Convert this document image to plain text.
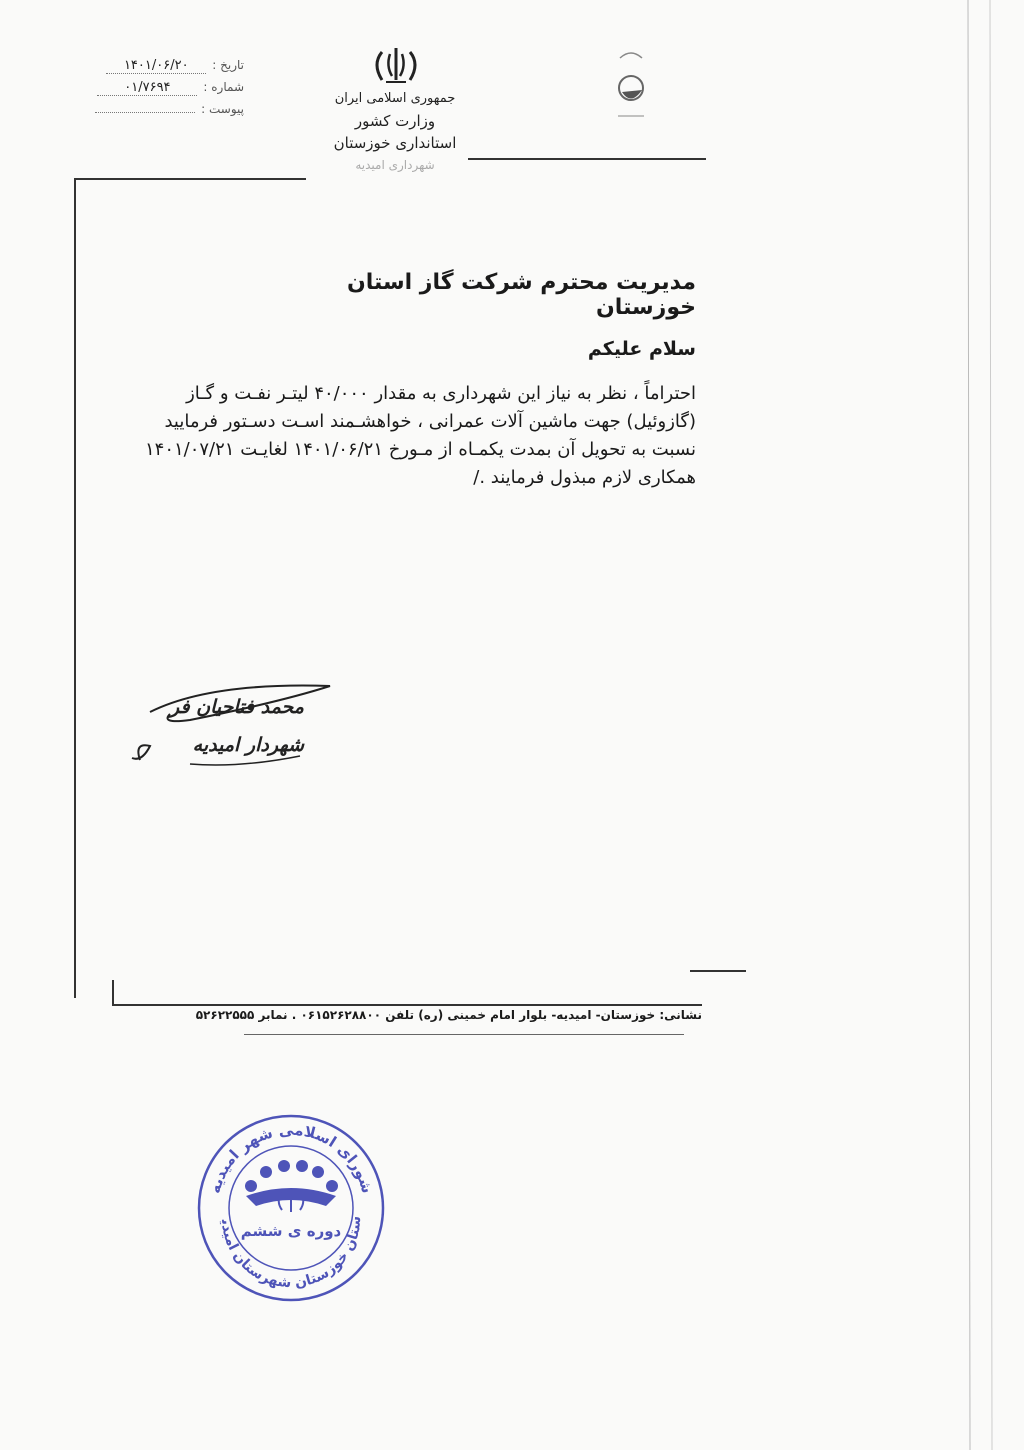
جمهوری اسلامی ایران
وزارت کشور
استانداری خوزستان
شهرداری امیدیه
تاریخ :
۱۴۰۱/۰۶/۲۰
شماره :
۰۱/۷۶۹۴
پیوست :
مدیریت محترم شرکت گاز استان خوزستان
سلام علیکم
احتراماً ، نظر به نیاز این شهرداری به مقدار ۴۰/۰۰۰ لیتـر نفـت و گـاز
(گازوئیل) جهت ماشین آلات عمرانی ، خواهشـمند اسـت دسـتور فرمایید
نسبت به تحویل آن بمدت یکمـاه از مـورخ ۱۴۰۱/۰۶/۲۱ لغایـت ۱۴۰۱/۰۷/۲۱
همکاری لازم مبذول فرمایند ./
محمد فتاحیان فر
شهردار امیدیه
نشانی: خوزستان- امیدیه- بلوار امام خمینی (ره) تلفن ۰۶۱۵۲۶۲۸۸۰۰ . نمابر ۵۲۶۲۲۵۵۵
شورای اسلامی شهر امیدیه
ستان خوزستان شهرستان امیدی دوره ی ششم
